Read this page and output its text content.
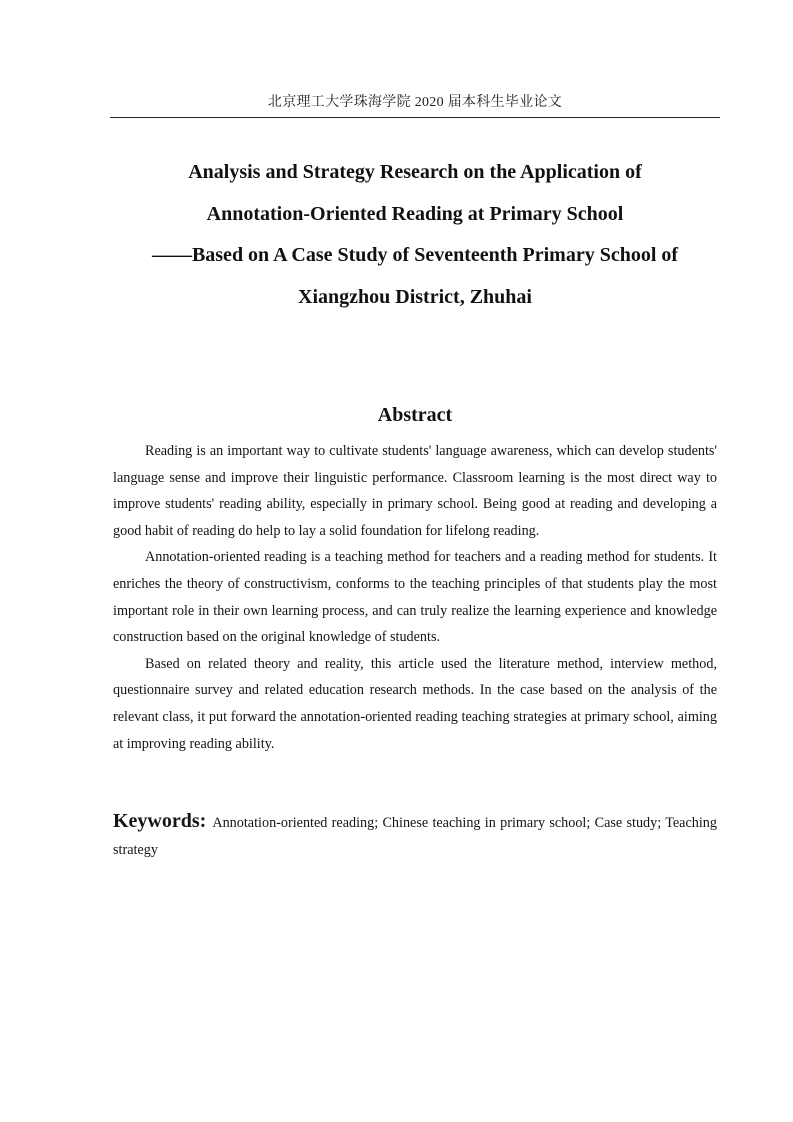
北京理工大学珠海学院 2020 届本科生毕业论文
Analysis and Strategy Research on the Application of
Annotation-Oriented Reading at Primary School
——Based on A Case Study of Seventeenth Primary School of
Xiangzhou District, Zhuhai
Abstract

Reading is an important way to cultivate students' language awareness, which can develop students' language sense and improve their linguistic performance. Classroom learning is the most direct way to improve students' reading ability, especially in primary school. Being good at reading and developing a good habit of reading do help to lay a solid foundation for lifelong reading.

Annotation-oriented reading is a teaching method for teachers and a reading method for students. It enriches the theory of constructivism, conforms to the teaching principles of that students play the most important role in their own learning process, and can truly realize the learning experience and knowledge construction based on the original knowledge of students.

Based on related theory and reality, this article used the literature method, interview method, questionnaire survey and related education research methods. In the case based on the analysis of the relevant class, it put forward the annotation-oriented reading teaching strategies at primary school, aiming at improving reading ability.

Keywords: Annotation-oriented reading; Chinese teaching in primary school; Case study; Teaching strategy
